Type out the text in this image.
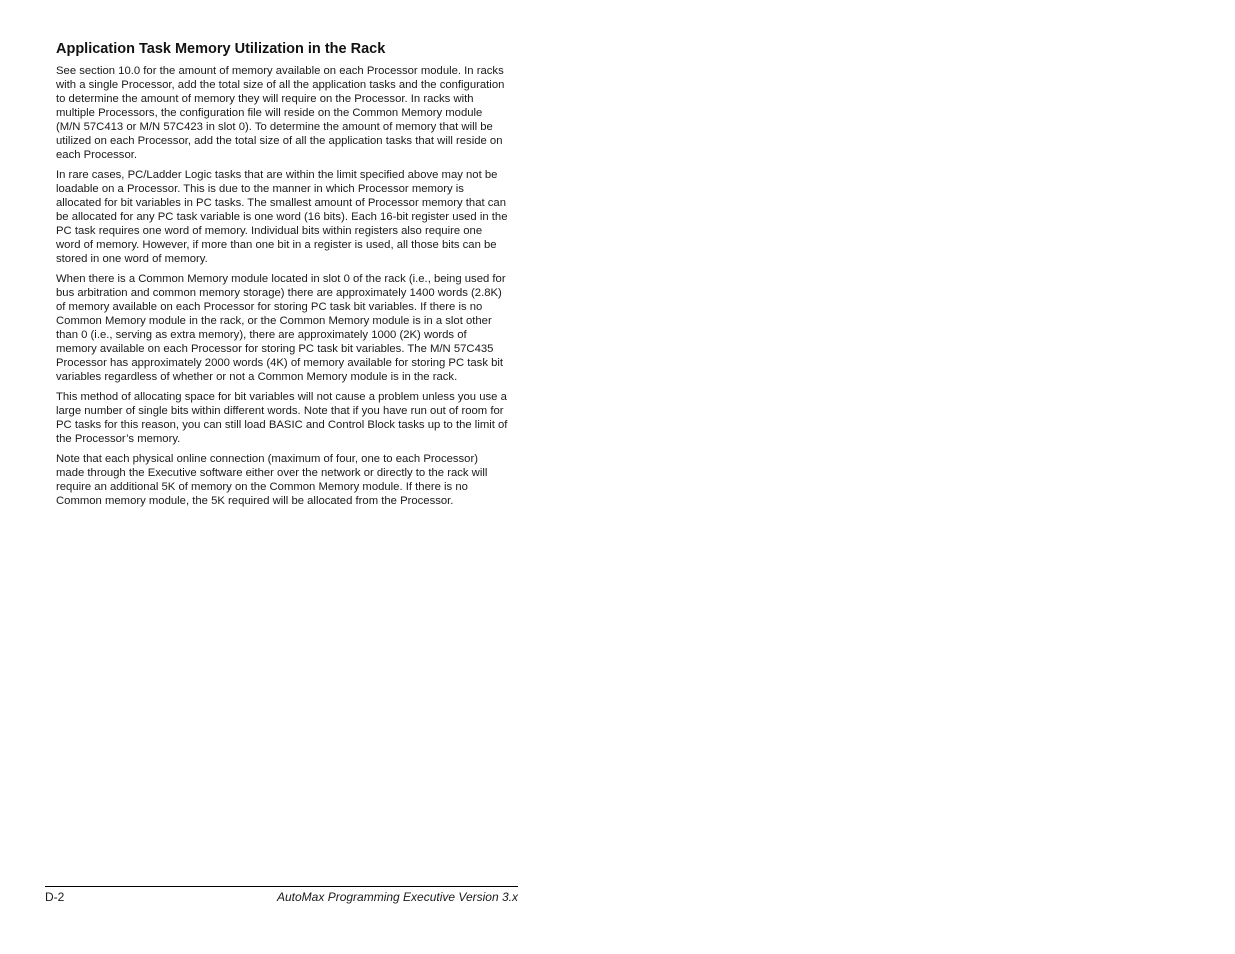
Application Task Memory Utilization in the Rack

See section 10.0 for the amount of memory available on each Processor module. In racks with a single Processor, add the total size of all the application tasks and the configuration to determine the amount of memory they will require on the Processor. In racks with multiple Processors, the configuration file will reside on the Common Memory module (M/N 57C413 or M/N 57C423 in slot 0). To determine the amount of memory that will be utilized on each Processor, add the total size of all the application tasks that will reside on each Processor.

In rare cases, PC/Ladder Logic tasks that are within the limit specified above may not be loadable on a Processor. This is due to the manner in which Processor memory is allocated for bit variables in PC tasks. The smallest amount of Processor memory that can be allocated for any PC task variable is one word (16 bits). Each 16-bit register used in the PC task requires one word of memory. Individual bits within registers also require one word of memory. However, if more than one bit in a register is used, all those bits can be stored in one word of memory.

When there is a Common Memory module located in slot 0 of the rack (i.e., being used for bus arbitration and common memory storage) there are approximately 1400 words (2.8K) of memory available on each Processor for storing PC task bit variables. If there is no Common Memory module in the rack, or the Common Memory module is in a slot other than 0 (i.e., serving as extra memory), there are approximately 1000 (2K) words of memory available on each Processor for storing PC task bit variables. The M/N 57C435 Processor has approximately 2000 words (4K) of memory available for storing PC task bit variables regardless of whether or not a Common Memory module is in the rack.

This method of allocating space for bit variables will not cause a problem unless you use a large number of single bits within different words. Note that if you have run out of room for PC tasks for this reason, you can still load BASIC and Control Block tasks up to the limit of the Processor’s memory.

Note that each physical online connection (maximum of four, one to each Processor) made through the Executive software either over the network or directly to the rack will require an additional 5K of memory on the Common Memory module. If there is no Common memory module, the 5K required will be allocated from the Processor.

D-2	AutoMax Programming Executive Version 3.x
